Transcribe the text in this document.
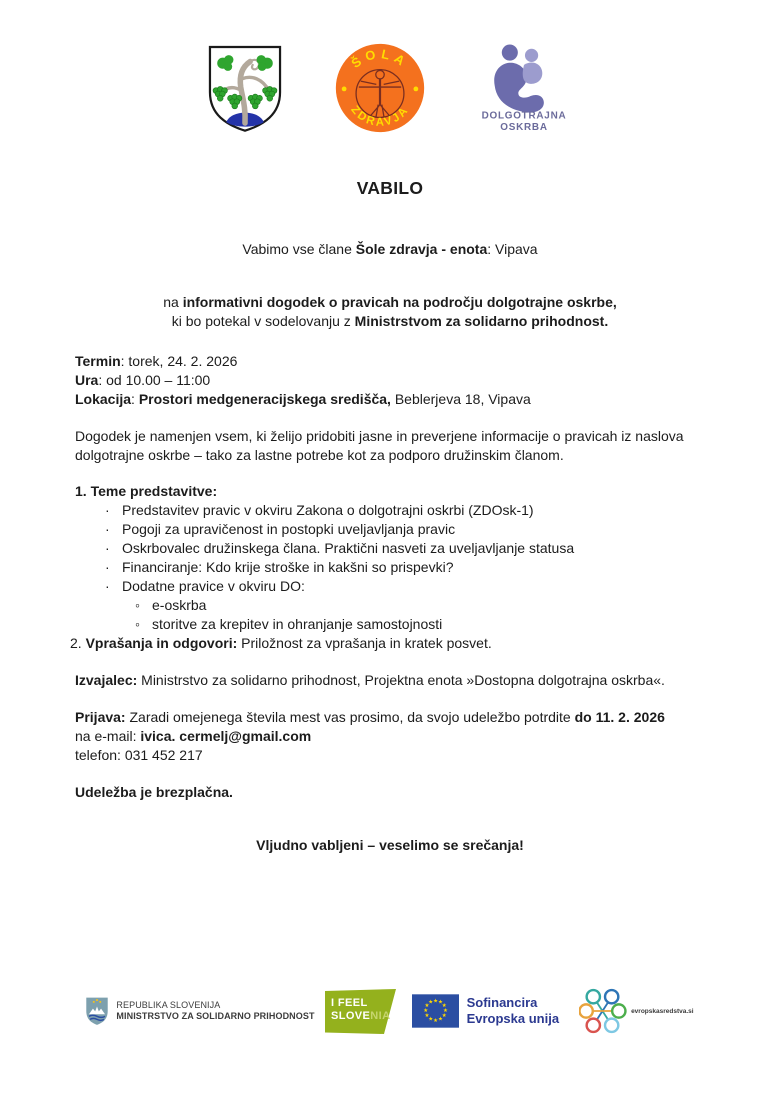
ŠOLA
ZDRAVJA	DOLGOTRAJNA
OSKRBA
VABILO
Vabimo vse člane Šole zdravja - enota: Vipava
na informativni dogodek o pravicah na področju dolgotrajne oskrbe,
ki bo potekal v sodelovanju z Ministrstvom za solidarno prihodnost.
Termin: torek, 24. 2. 2026
Ura: od 10.00 – 11:00
Lokacija: Prostori medgeneracijskega središča, Beblerjeva 18, Vipava
Dogodek je namenjen vsem, ki želijo pridobiti jasne in preverjene informacije o pravicah iz naslova dolgotrajne oskrbe – tako za lastne potrebe kot za podporo družinskim članom.
1. Teme predstavitve:
· Predstavitev pravic v okviru Zakona o dolgotrajni oskrbi (ZDOsk-1)
· Pogoji za upravičenost in postopki uveljavljanja pravic
· Oskrbovalec družinskega člana. Praktični nasveti za uveljavljanje statusa
· Financiranje: Kdo krije stroške in kakšni so prispevki?
· Dodatne pravice v okviru DO:
◦ e-oskrba
◦ storitve za krepitev in ohranjanje samostojnosti
2. Vprašanja in odgovori: Priložnost za vprašanja in kratek posvet.
Izvajalec: Ministrstvo za solidarno prihodnost, Projektna enota »Dostopna dolgotrajna oskrba«.
Prijava: Zaradi omejenega števila mest vas prosimo, da svojo udeležbo potrdite do 11. 2. 2026
na e-mail: ivica. cermelj@gmail.com
telefon: 031 452 217
Udeležba je brezplačna.
Vljudno vabljeni – veselimo se srečanja!
REPUBLIKA SLOVENIJA
MINISTRSTVO ZA SOLIDARNO PRIHODNOST
I FEEL
SLOVENIA
★ ★
★
★
★
★
★
★
★
★
★
★	Sofinancira
Evropska unija	evropskasredstva.si
